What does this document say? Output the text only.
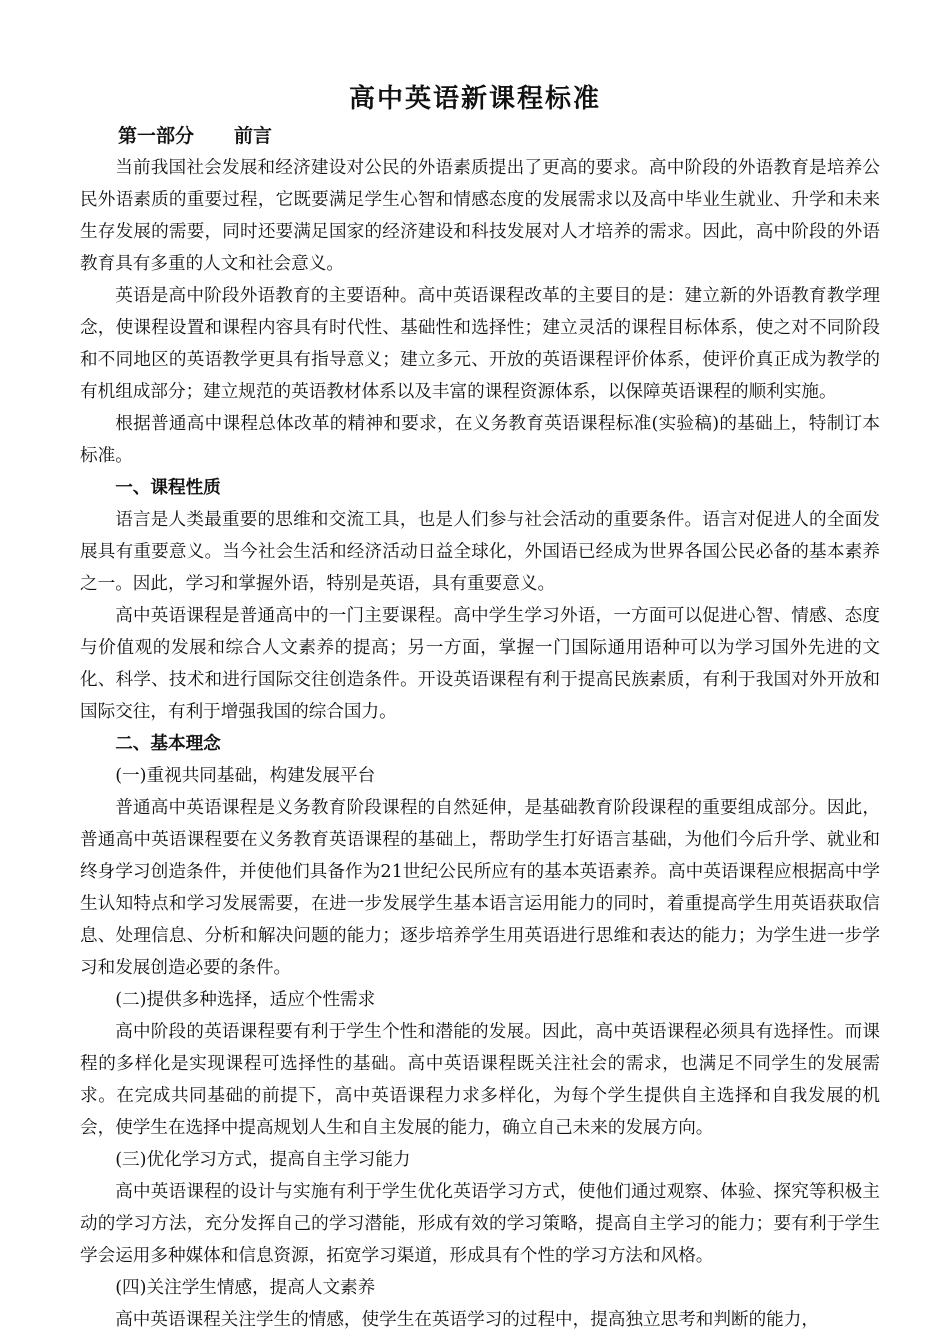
高中英语新课程标准

第一部分 前言

当前我国社会发展和经济建设对公民的外语素质提出了更高的要求。高中阶段的外语教育是培养公民外语素质的重要过程，它既要满足学生心智和情感态度的发展需求以及高中毕业生就业、升学和未来生存发展的需要，同时还要满足国家的经济建设和科技发展对人才培养的需求。因此，高中阶段的外语教育具有多重的人文和社会意义。

英语是高中阶段外语教育的主要语种。高中英语课程改革的主要目的是：建立新的外语教育教学理念，使课程设置和课程内容具有时代性、基础性和选择性；建立灵活的课程目标体系，使之对不同阶段和不同地区的英语教学更具有指导意义；建立多元、开放的英语课程评价体系，使评价真正成为教学的有机组成部分；建立规范的英语教材体系以及丰富的课程资源体系，以保障英语课程的顺利实施。

根据普通高中课程总体改革的精神和要求，在义务教育英语课程标准(实验稿)的基础上，特制订本标准。

一、课程性质

语言是人类最重要的思维和交流工具，也是人们参与社会活动的重要条件。语言对促进人的全面发展具有重要意义。当今社会生活和经济活动日益全球化，外国语已经成为世界各国公民必备的基本素养之一。因此，学习和掌握外语，特别是英语，具有重要意义。

高中英语课程是普通高中的一门主要课程。高中学生学习外语，一方面可以促进心智、情感、态度与价值观的发展和综合人文素养的提高；另一方面，掌握一门国际通用语种可以为学习国外先进的文化、科学、技术和进行国际交往创造条件。开设英语课程有利于提高民族素质，有利于我国对外开放和国际交往，有利于增强我国的综合国力。

二、基本理念

(一)重视共同基础，构建发展平台

普通高中英语课程是义务教育阶段课程的自然延伸，是基础教育阶段课程的重要组成部分。因此，普通高中英语课程要在义务教育英语课程的基础上，帮助学生打好语言基础，为他们今后升学、就业和终身学习创造条件，并使他们具备作为21世纪公民所应有的基本英语素养。高中英语课程应根据高中学生认知特点和学习发展需要，在进一步发展学生基本语言运用能力的同时，着重提高学生用英语获取信息、处理信息、分析和解决问题的能力；逐步培养学生用英语进行思维和表达的能力；为学生进一步学习和发展创造必要的条件。

(二)提供多种选择，适应个性需求

高中阶段的英语课程要有利于学生个性和潜能的发展。因此，高中英语课程必须具有选择性。而课程的多样化是实现课程可选择性的基础。高中英语课程既关注社会的需求，也满足不同学生的发展需求。在完成共同基础的前提下，高中英语课程力求多样化，为每个学生提供自主选择和自我发展的机会，使学生在选择中提高规划人生和自主发展的能力，确立自己未来的发展方向。

(三)优化学习方式，提高自主学习能力

高中英语课程的设计与实施有利于学生优化英语学习方式，使他们通过观察、体验、探究等积极主动的学习方法，充分发挥自己的学习潜能，形成有效的学习策略，提高自主学习的能力；要有利于学生学会运用多种媒体和信息资源，拓宽学习渠道，形成具有个性的学习方法和风格。

(四)关注学生情感，提高人文素养

高中英语课程关注学生的情感，使学生在英语学习的过程中，提高独立思考和判断的能力，
